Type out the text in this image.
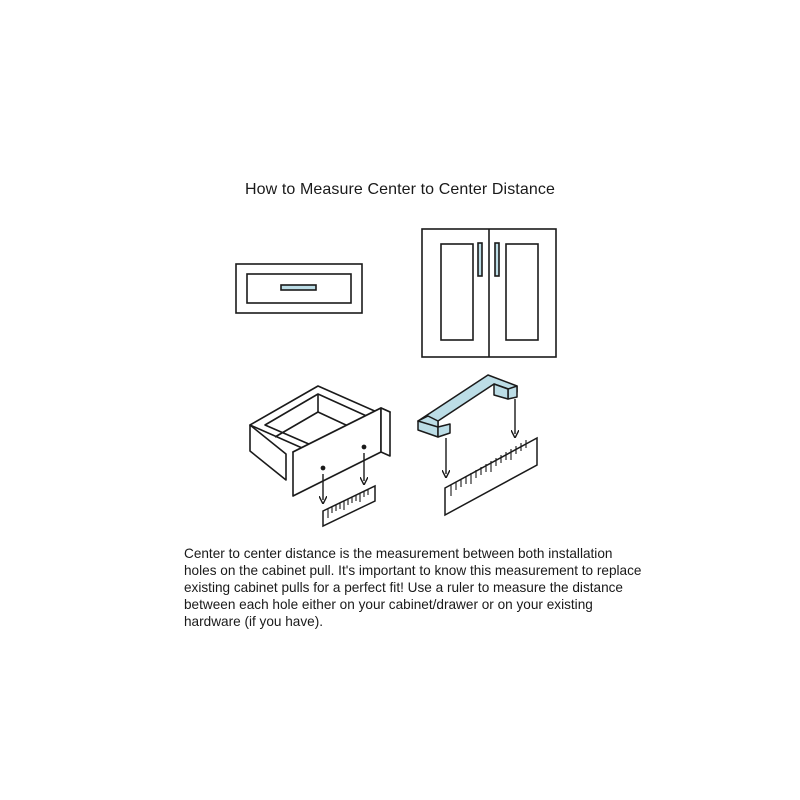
How to Measure Center to Center Distance

Center to center distance is the measurement between both installation holes on the cabinet pull. It's important to know this measurement to replace existing cabinet pulls for a perfect fit! Use a ruler to measure the distance between each hole either on your cabinet/drawer or on your existing hardware (if you have).
